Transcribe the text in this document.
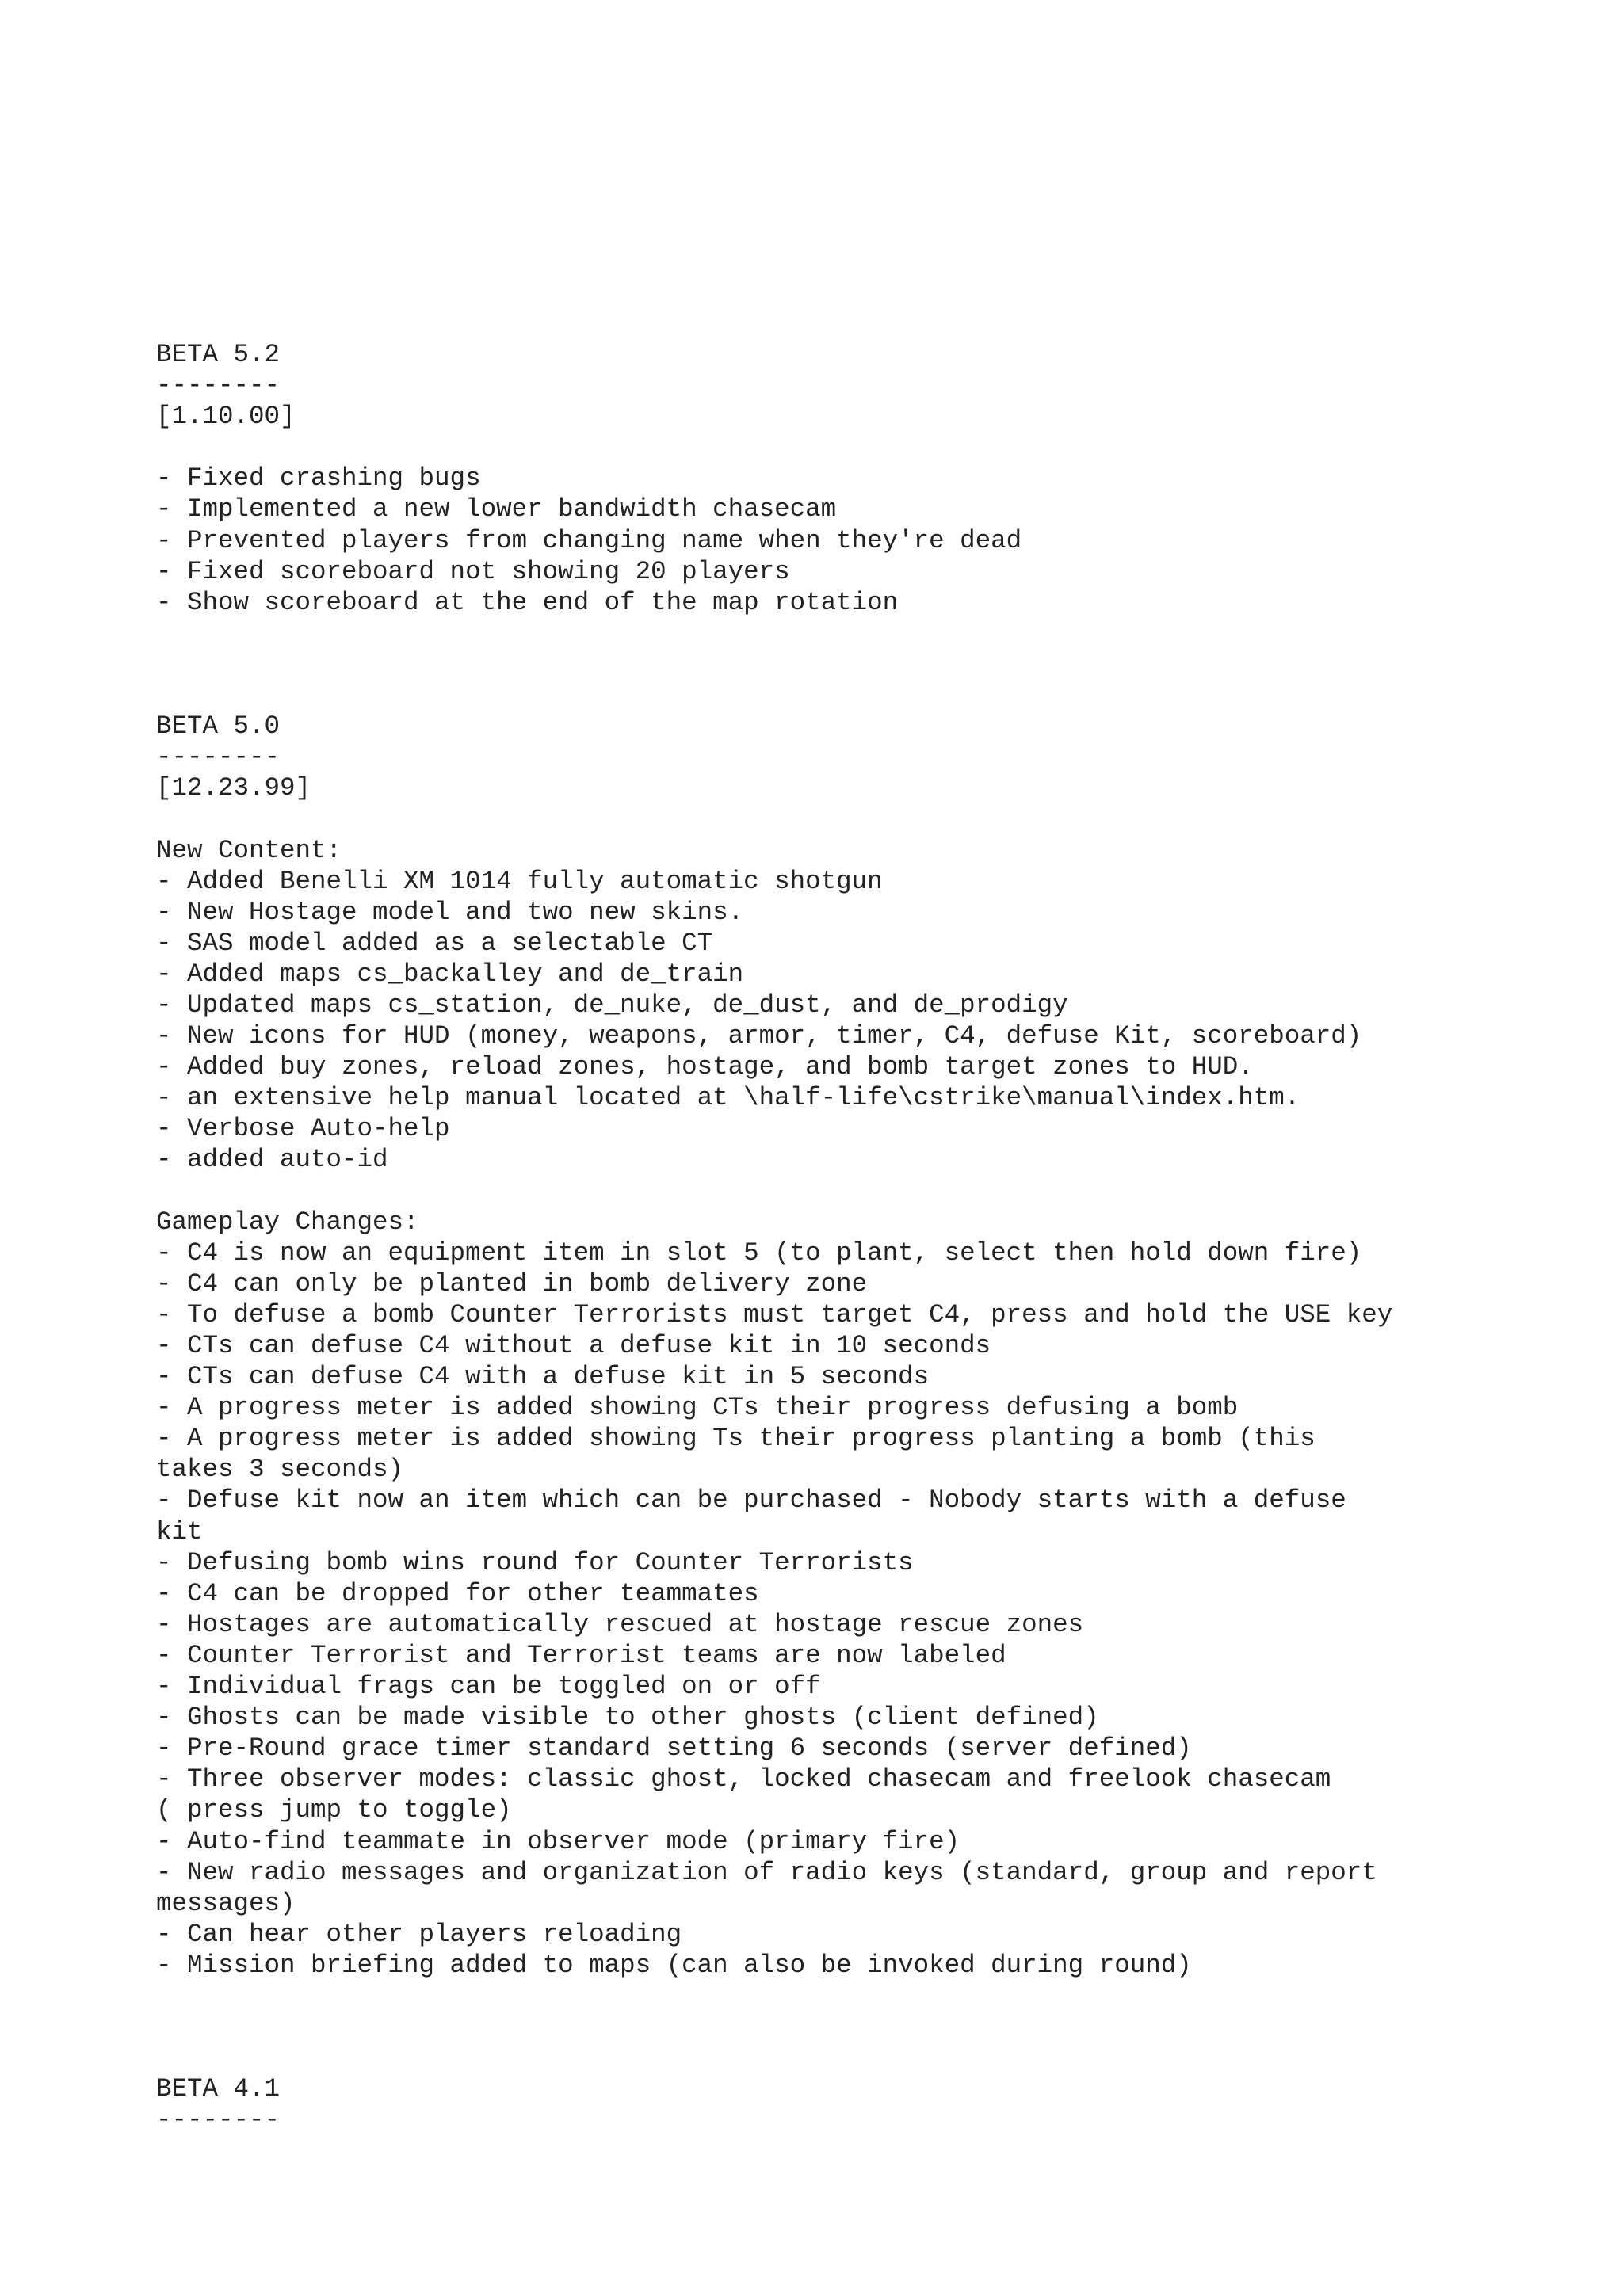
BETA 5.2
--------
[1.10.00]
- Fixed crashing bugs
- Implemented a new lower bandwidth chasecam
- Prevented players from changing name when they're dead
- Fixed scoreboard not showing 20 players
- Show scoreboard at the end of the map rotation
BETA 5.0
--------
[12.23.99]
New Content:
- Added Benelli XM 1014 fully automatic shotgun
- New Hostage model and two new skins.
- SAS model added as a selectable CT
- Added maps cs_backalley and de_train
- Updated maps cs_station, de_nuke, de_dust, and de_prodigy
- New icons for HUD (money, weapons, armor, timer, C4, defuse Kit, scoreboard)
- Added buy zones, reload zones, hostage, and bomb target zones to HUD.
- an extensive help manual located at \half-life\cstrike\manual\index.htm.
- Verbose Auto-help
- added auto-id
Gameplay Changes:
- C4 is now an equipment item in slot 5 (to plant, select then hold down fire)
- C4 can only be planted in bomb delivery zone
- To defuse a bomb Counter Terrorists must target C4, press and hold the USE key
- CTs can defuse C4 without a defuse kit in 10 seconds
- CTs can defuse C4 with a defuse kit in 5 seconds
- A progress meter is added showing CTs their progress defusing a bomb
- A progress meter is added showing Ts their progress planting a bomb (this
takes 3 seconds)
- Defuse kit now an item which can be purchased - Nobody starts with a defuse
kit
- Defusing bomb wins round for Counter Terrorists
- C4 can be dropped for other teammates
- Hostages are automatically rescued at hostage rescue zones
- Counter Terrorist and Terrorist teams are now labeled
- Individual frags can be toggled on or off
- Ghosts can be made visible to other ghosts (client defined)
- Pre-Round grace timer standard setting 6 seconds (server defined)
- Three observer modes: classic ghost, locked chasecam and freelook chasecam
( press jump to toggle)
- Auto-find teammate in observer mode (primary fire)
- New radio messages and organization of radio keys (standard, group and report
messages)
- Can hear other players reloading
- Mission briefing added to maps (can also be invoked during round)
BETA 4.1
--------
